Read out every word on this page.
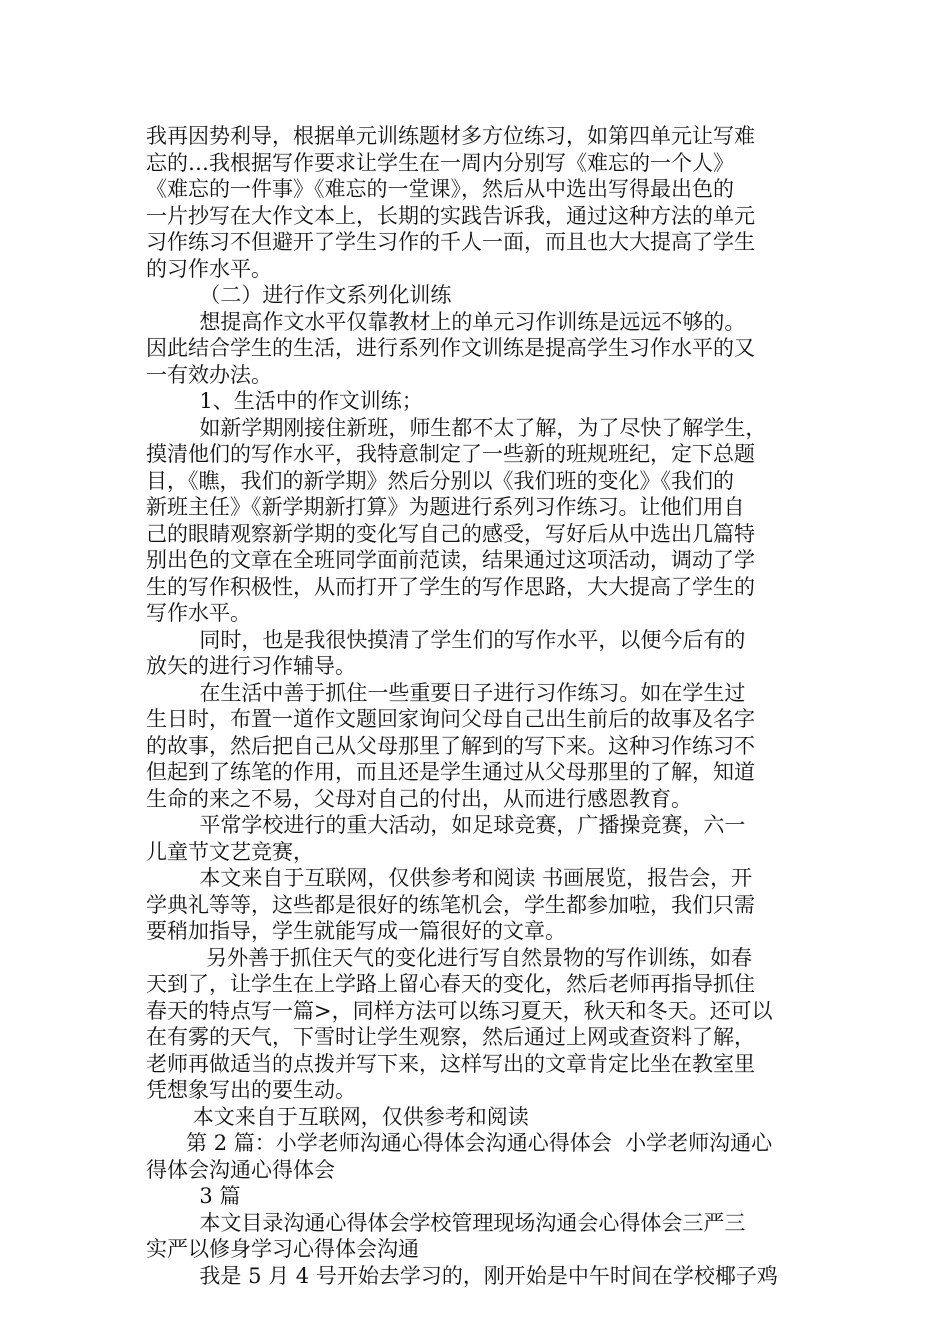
我再因势利导，根据单元训练题材多方位练习，如第四单元让写难
忘的…我根据写作要求让学生在一周内分别写《难忘的一个人》
《难忘的一件事》《难忘的一堂课》，然后从中选出写得最出色的
一片抄写在大作文本上，长期的实践告诉我，通过这种方法的单元
习作练习不但避开了学生习作的千人一面，而且也大大提高了学生
的习作水平。
（二）进行作文系列化训练
想提高作文水平仅靠教材上的单元习作训练是远远不够的。
因此结合学生的生活，进行系列作文训练是提高学生习作水平的又
一有效办法。
1、生活中的作文训练；
如新学期刚接住新班，师生都不太了解，为了尽快了解学生，
摸清他们的写作水平，我特意制定了一些新的班规班纪，定下总题
目，《瞧，我们的新学期》然后分别以《我们班的变化》《我们的
新班主任》《新学期新打算》为题进行系列习作练习。让他们用自
己的眼睛观察新学期的变化写自己的感受，写好后从中选出几篇特
别出色的文章在全班同学面前范读，结果通过这项活动，调动了学
生的写作积极性，从而打开了学生的写作思路，大大提高了学生的
写作水平。
同时，也是我很快摸清了学生们的写作水平，以便今后有的
放矢的进行习作辅导。
在生活中善于抓住一些重要日子进行习作练习。如在学生过
生日时，布置一道作文题回家询问父母自己出生前后的故事及名字
的故事，然后把自己从父母那里了解到的写下来。这种习作练习不
但起到了练笔的作用，而且还是学生通过从父母那里的了解，知道
生命的来之不易，父母对自己的付出，从而进行感恩教育。
平常学校进行的重大活动，如足球竞赛，广播操竞赛，六一
儿童节文艺竞赛，
本文来自于互联网，仅供参考和阅读 书画展览，报告会，开
学典礼等等，这些都是很好的练笔机会，学生都参加啦，我们只需
要稍加指导，学生就能写成一篇很好的文章。
另外善于抓住天气的变化进行写自然景物的写作训练，如春
天到了，让学生在上学路上留心春天的变化，然后老师再指导抓住
春天的特点写一篇>，同样方法可以练习夏天，秋天和冬天。还可以
在有雾的天气，下雪时让学生观察，然后通过上网或查资料了解，
老师再做适当的点拨并写下来，这样写出的文章肯定比坐在教室里
凭想象写出的要生动。
本文来自于互联网，仅供参考和阅读
第 2 篇：小学老师沟通心得体会沟通心得体会  小学老师沟通心
得体会沟通心得体会
3 篇
本文目录沟通心得体会学校管理现场沟通会心得体会三严三
实严以修身学习心得体会沟通
我是 5 月 4 号开始去学习的，刚开始是中午时间在学校椰子鸡
